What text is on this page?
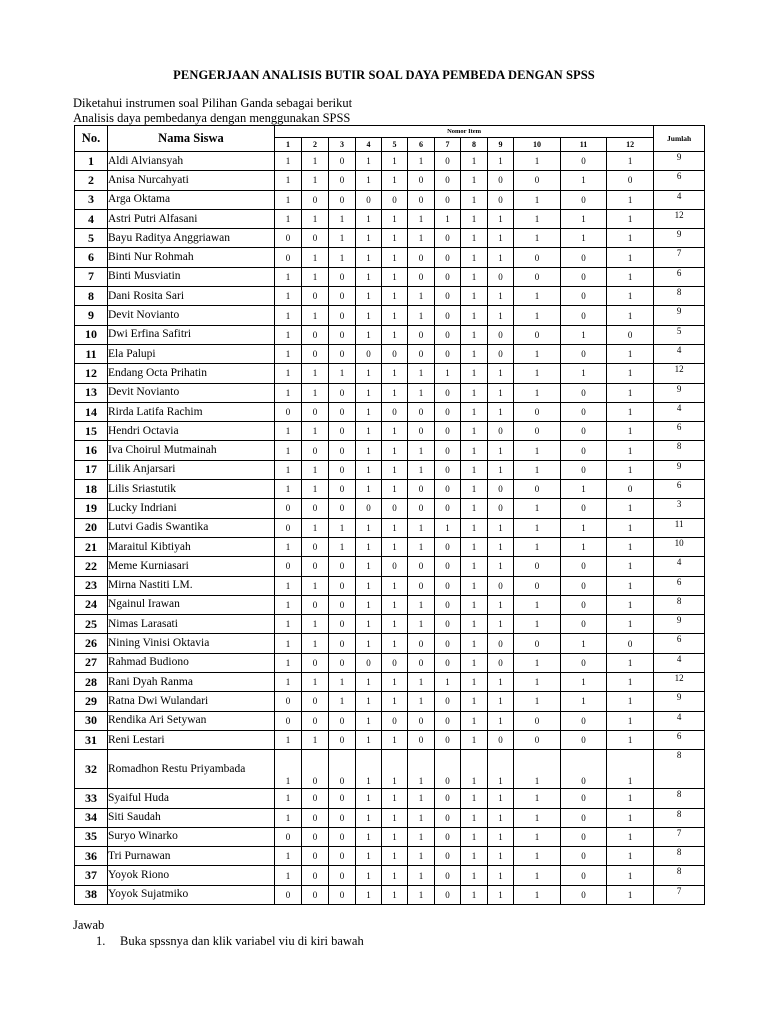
PENGERJAAN ANALISIS BUTIR SOAL DAYA PEMBEDA DENGAN SPSS
Diketahui instrumen soal Pilihan Ganda sebagai berikut
Analisis daya pembedanya dengan menggunakan SPSS
No.	Nama Siswa	Nomor Item												Jumlah
		1	2	3	4	5	6	7	8	9	10	11	12	
1	Aldi Alviansyah	1	1	0	1	1	1	0	1	1	1	0	1	9
2	Anisa Nurcahyati	1	1	0	1	1	0	0	1	0	0	1	0	6
3	Arga Oktama	1	0	0	0	0	0	0	1	0	1	0	1	4
4	Astri Putri Alfasani	1	1	1	1	1	1	1	1	1	1	1	1	12
5	Bayu Raditya Anggriawan	0	0	1	1	1	1	0	1	1	1	1	1	9
6	Binti Nur Rohmah	0	1	1	1	1	0	0	1	1	0	0	1	7
7	Binti Musviatin	1	1	0	1	1	0	0	1	0	0	0	1	6
8	Dani Rosita Sari	1	0	0	1	1	1	0	1	1	1	0	1	8
9	Devit Novianto	1	1	0	1	1	1	0	1	1	1	0	1	9
10	Dwi Erfina Safitri	1	0	0	1	1	0	0	1	0	0	1	0	5
11	Ela Palupi	1	0	0	0	0	0	0	1	0	1	0	1	4
12	Endang Octa Prihatin	1	1	1	1	1	1	1	1	1	1	1	1	12
13	Devit Novianto	1	1	0	1	1	1	0	1	1	1	0	1	9
14	Rirda Latifa Rachim	0	0	0	1	0	0	0	1	1	0	0	1	4
15	Hendri Octavia	1	1	0	1	1	0	0	1	0	0	0	1	6
16	Iva Choirul Mutmainah	1	0	0	1	1	1	0	1	1	1	0	1	8
17	Lilik Anjarsari	1	1	0	1	1	1	0	1	1	1	0	1	9
18	Lilis Sriastutik	1	1	0	1	1	0	0	1	0	0	1	0	6
19	Lucky Indriani	0	0	0	0	0	0	0	1	0	1	0	1	3
20	Lutvi Gadis Swantika	0	1	1	1	1	1	1	1	1	1	1	1	11
21	Maraitul Kibtiyah	1	0	1	1	1	1	0	1	1	1	1	1	10
22	Meme Kurniasari	0	0	0	1	0	0	0	1	1	0	0	1	4
23	Mirna Nastiti LM.	1	1	0	1	1	0	0	1	0	0	0	1	6
24	Ngainul Irawan	1	0	0	1	1	1	0	1	1	1	0	1	8
25	Nimas Larasati	1	1	0	1	1	1	0	1	1	1	0	1	9
26	Nining Vinisi Oktavia	1	1	0	1	1	0	0	1	0	0	1	0	6
27	Rahmad Budiono	1	0	0	0	0	0	0	1	0	1	0	1	4
28	Rani Dyah Ranma	1	1	1	1	1	1	1	1	1	1	1	1	12
29	Ratna Dwi Wulandari	0	0	1	1	1	1	0	1	1	1	1	1	9
30	Rendika Ari Setywan	0	0	0	1	0	0	0	1	1	0	0	1	4
31	Reni Lestari	1	1	0	1	1	0	0	1	0	0	0	1	6
32	Romadhon Restu Priyambada	1	0	0	1	1	1	0	1	1	1	0	1	8
33	Syaiful Huda	1	0	0	1	1	1	0	1	1	1	0	1	8
34	Siti Saudah	1	0	0	1	1	1	0	1	1	1	0	1	8
35	Suryo Winarko	0	0	0	1	1	1	0	1	1	1	0	1	7
36	Tri Purnawan	1	0	0	1	1	1	0	1	1	1	0	1	8
37	Yoyok Riono	1	0	0	1	1	1	0	1	1	1	0	1	8
38	Yoyok Sujatmiko	0	0	0	1	1	1	0	1	1	1	0	1	7
Jawab
1. Buka spssnya dan klik variabel viu di kiri bawah
